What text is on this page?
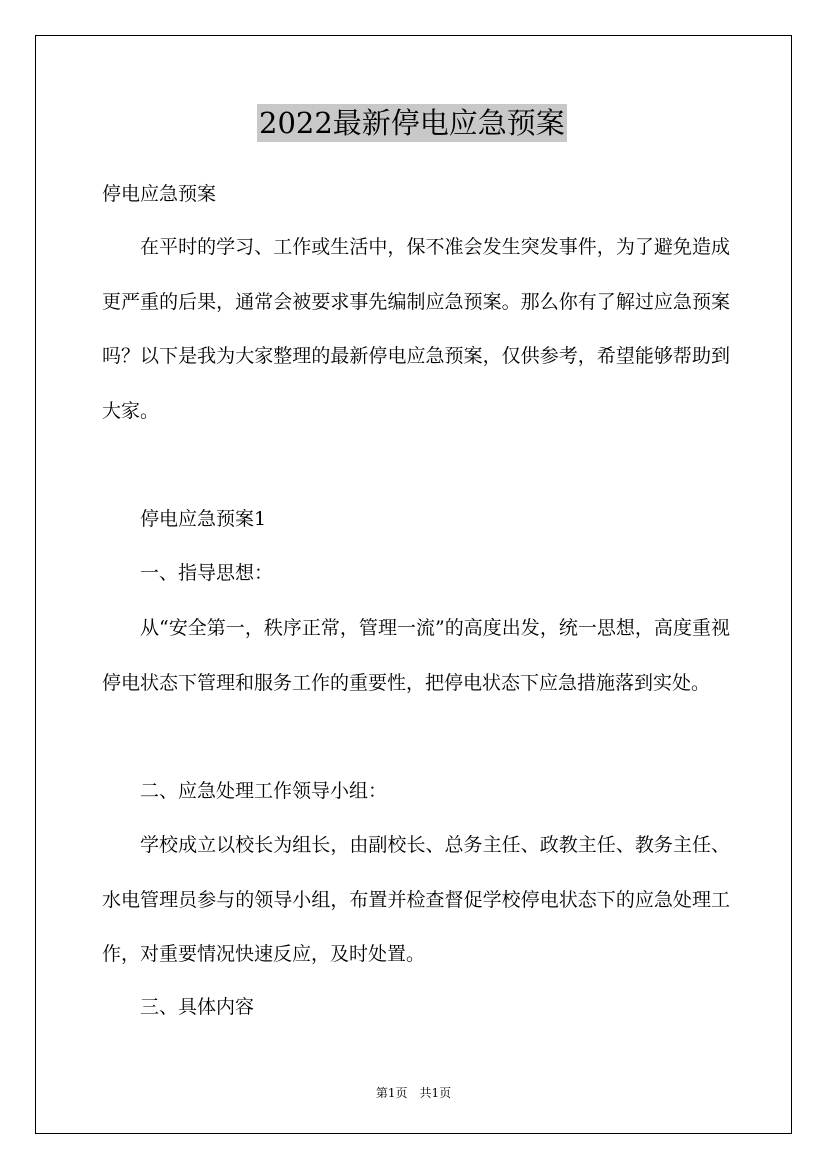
2022最新停电应急预案

停电应急预案

在平时的学习、工作或生活中，保不准会发生突发事件，为了避免造成更严重的后果，通常会被要求事先编制应急预案。那么你有了解过应急预案吗？以下是我为大家整理的最新停电应急预案，仅供参考，希望能够帮助到大家。

停电应急预案1

一、指导思想：

从“安全第一，秩序正常，管理一流”的高度出发，统一思想，高度重视停电状态下管理和服务工作的重要性，把停电状态下应急措施落到实处。

二、应急处理工作领导小组：

学校成立以校长为组长，由副校长、总务主任、政教主任、教务主任、水电管理员参与的领导小组，布置并检查督促学校停电状态下的应急处理工作，对重要情况快速反应，及时处置。

三、具体内容

第1页　共1页
